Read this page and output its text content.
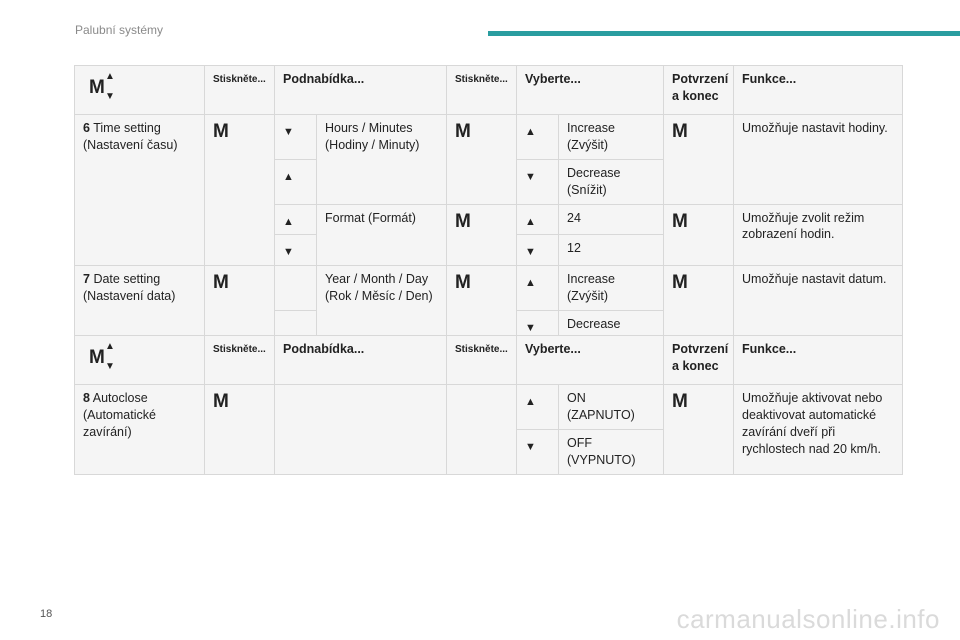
Palubní systémy
M
▲
▼	Stiskněte...	Podnabídka...		Stiskněte...	Vyberte...		Potvrzení a konec	Funkce...
6 Time setting (Nastavení času)	M	▼	Hours / Minutes (Hodiny / Minuty)	M	▲	Increase (Zvýšit)	M	Umožňuje nastavit hodiny.
		▲			▼	Decrease (Snížit)		
		▲	Format (Formát)	M	▲	24	M	Umožňuje zvolit režim zobrazení hodin.
		▼			▼	12		
7 Date setting (Nastavení data)	M		Year / Month / Day (Rok / Měsíc / Den)	M	▲	Increase (Zvýšit)	M	Umožňuje nastavit datum.
					▼	Decrease		
M
▲
▼	Stiskněte...	Podnabídka...	Stiskněte...	Vyberte...		Potvrzení a konec	Funkce...
8 Autoclose (Automatické zavírání)	M			▲	ON (ZAPNUTO)	M	Umožňuje aktivovat nebo deaktivovat automatické zavírání dveří při rychlostech nad 20 km/h.
				▼	OFF (VYPNUTO)		
18	carmanualsonline.info
